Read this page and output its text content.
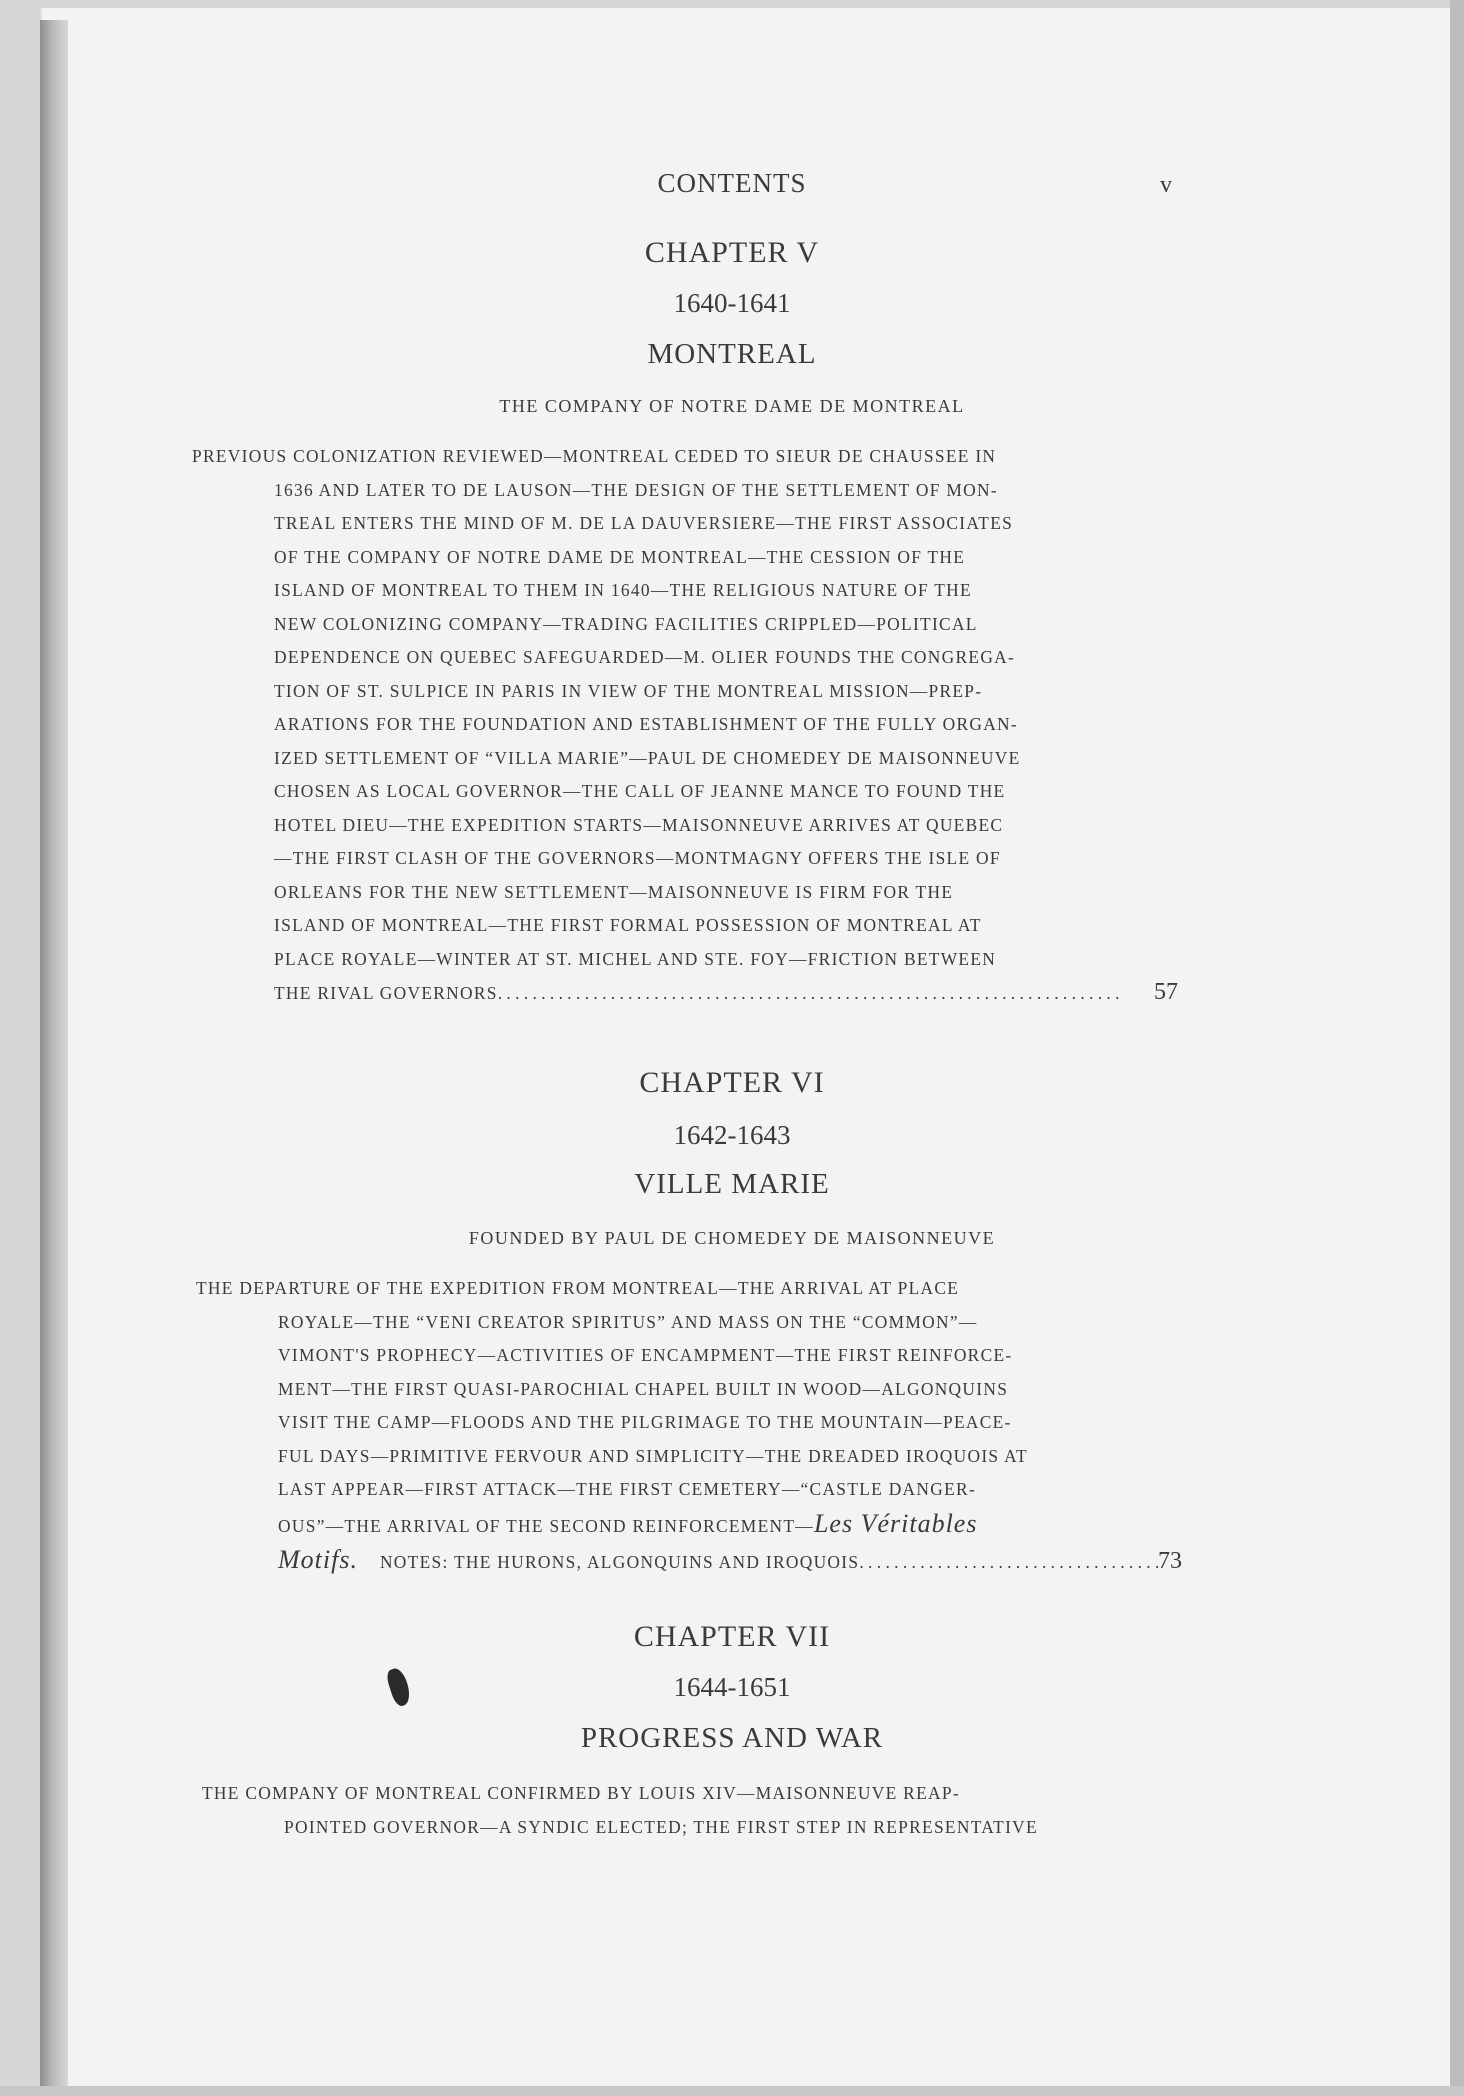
CONTENTS	v
CHAPTER V
1640-1641
MONTREAL
THE COMPANY OF NOTRE DAME DE MONTREAL
PREVIOUS COLONIZATION REVIEWED—MONTREAL CEDED TO SIEUR DE CHAUSSEE IN
1636 AND LATER TO DE LAUSON—THE DESIGN OF THE SETTLEMENT OF MON-
TREAL ENTERS THE MIND OF M. DE LA DAUVERSIERE—THE FIRST ASSOCIATES
OF THE COMPANY OF NOTRE DAME DE MONTREAL—THE CESSION OF THE
ISLAND OF MONTREAL TO THEM IN 1640—THE RELIGIOUS NATURE OF THE
NEW COLONIZING COMPANY—TRADING FACILITIES CRIPPLED—POLITICAL
DEPENDENCE ON QUEBEC SAFEGUARDED—M. OLIER FOUNDS THE CONGREGA-
TION OF ST. SULPICE IN PARIS IN VIEW OF THE MONTREAL MISSION—PREP-
ARATIONS FOR THE FOUNDATION AND ESTABLISHMENT OF THE FULLY ORGAN-
IZED SETTLEMENT OF “VILLA MARIE”—PAUL DE CHOMEDEY DE MAISONNEUVE
CHOSEN AS LOCAL GOVERNOR—THE CALL OF JEANNE MANCE TO FOUND THE
HOTEL DIEU—THE EXPEDITION STARTS—MAISONNEUVE ARRIVES AT QUEBEC
—THE FIRST CLASH OF THE GOVERNORS—MONTMAGNY OFFERS THE ISLE OF
ORLEANS FOR THE NEW SETTLEMENT—MAISONNEUVE IS FIRM FOR THE
ISLAND OF MONTREAL—THE FIRST FORMAL POSSESSION OF MONTREAL AT
PLACE ROYALE—WINTER AT ST. MICHEL AND STE. FOY—FRICTION BETWEEN
THE RIVAL GOVERNORS . . .	57
CHAPTER VI
1642-1643
VILLE MARIE
FOUNDED BY PAUL DE CHOMEDEY DE MAISONNEUVE
THE DEPARTURE OF THE EXPEDITION FROM MONTREAL—THE ARRIVAL AT PLACE
ROYALE—THE “VENI CREATOR SPIRITUS” AND MASS ON THE “COMMON”—
VIMONT'S PROPHECY—ACTIVITIES OF ENCAMPMENT—THE FIRST REINFORCE-
MENT—THE FIRST QUASI-PAROCHIAL CHAPEL BUILT IN WOOD—ALGONQUINS
VISIT THE CAMP—FLOODS AND THE PILGRIMAGE TO THE MOUNTAIN—PEACE-
FUL DAYS—PRIMITIVE FERVOUR AND SIMPLICITY—THE DREADED IROQUOIS AT
LAST APPEAR—FIRST ATTACK—THE FIRST CEMETERY—“CASTLE DANGER-
OUS”—THE ARRIVAL OF THE SECOND REINFORCEMENT—Les Véritables
Motifs. NOTES: THE HURONS, ALGONQUINS AND IROQUOIS . . .	73
CHAPTER VII
1644-1651
PROGRESS AND WAR
THE COMPANY OF MONTREAL CONFIRMED BY LOUIS XIV—MAISONNEUVE REAP-
POINTED GOVERNOR—A SYNDIC ELECTED; THE FIRST STEP IN REPRESENTATIVE
